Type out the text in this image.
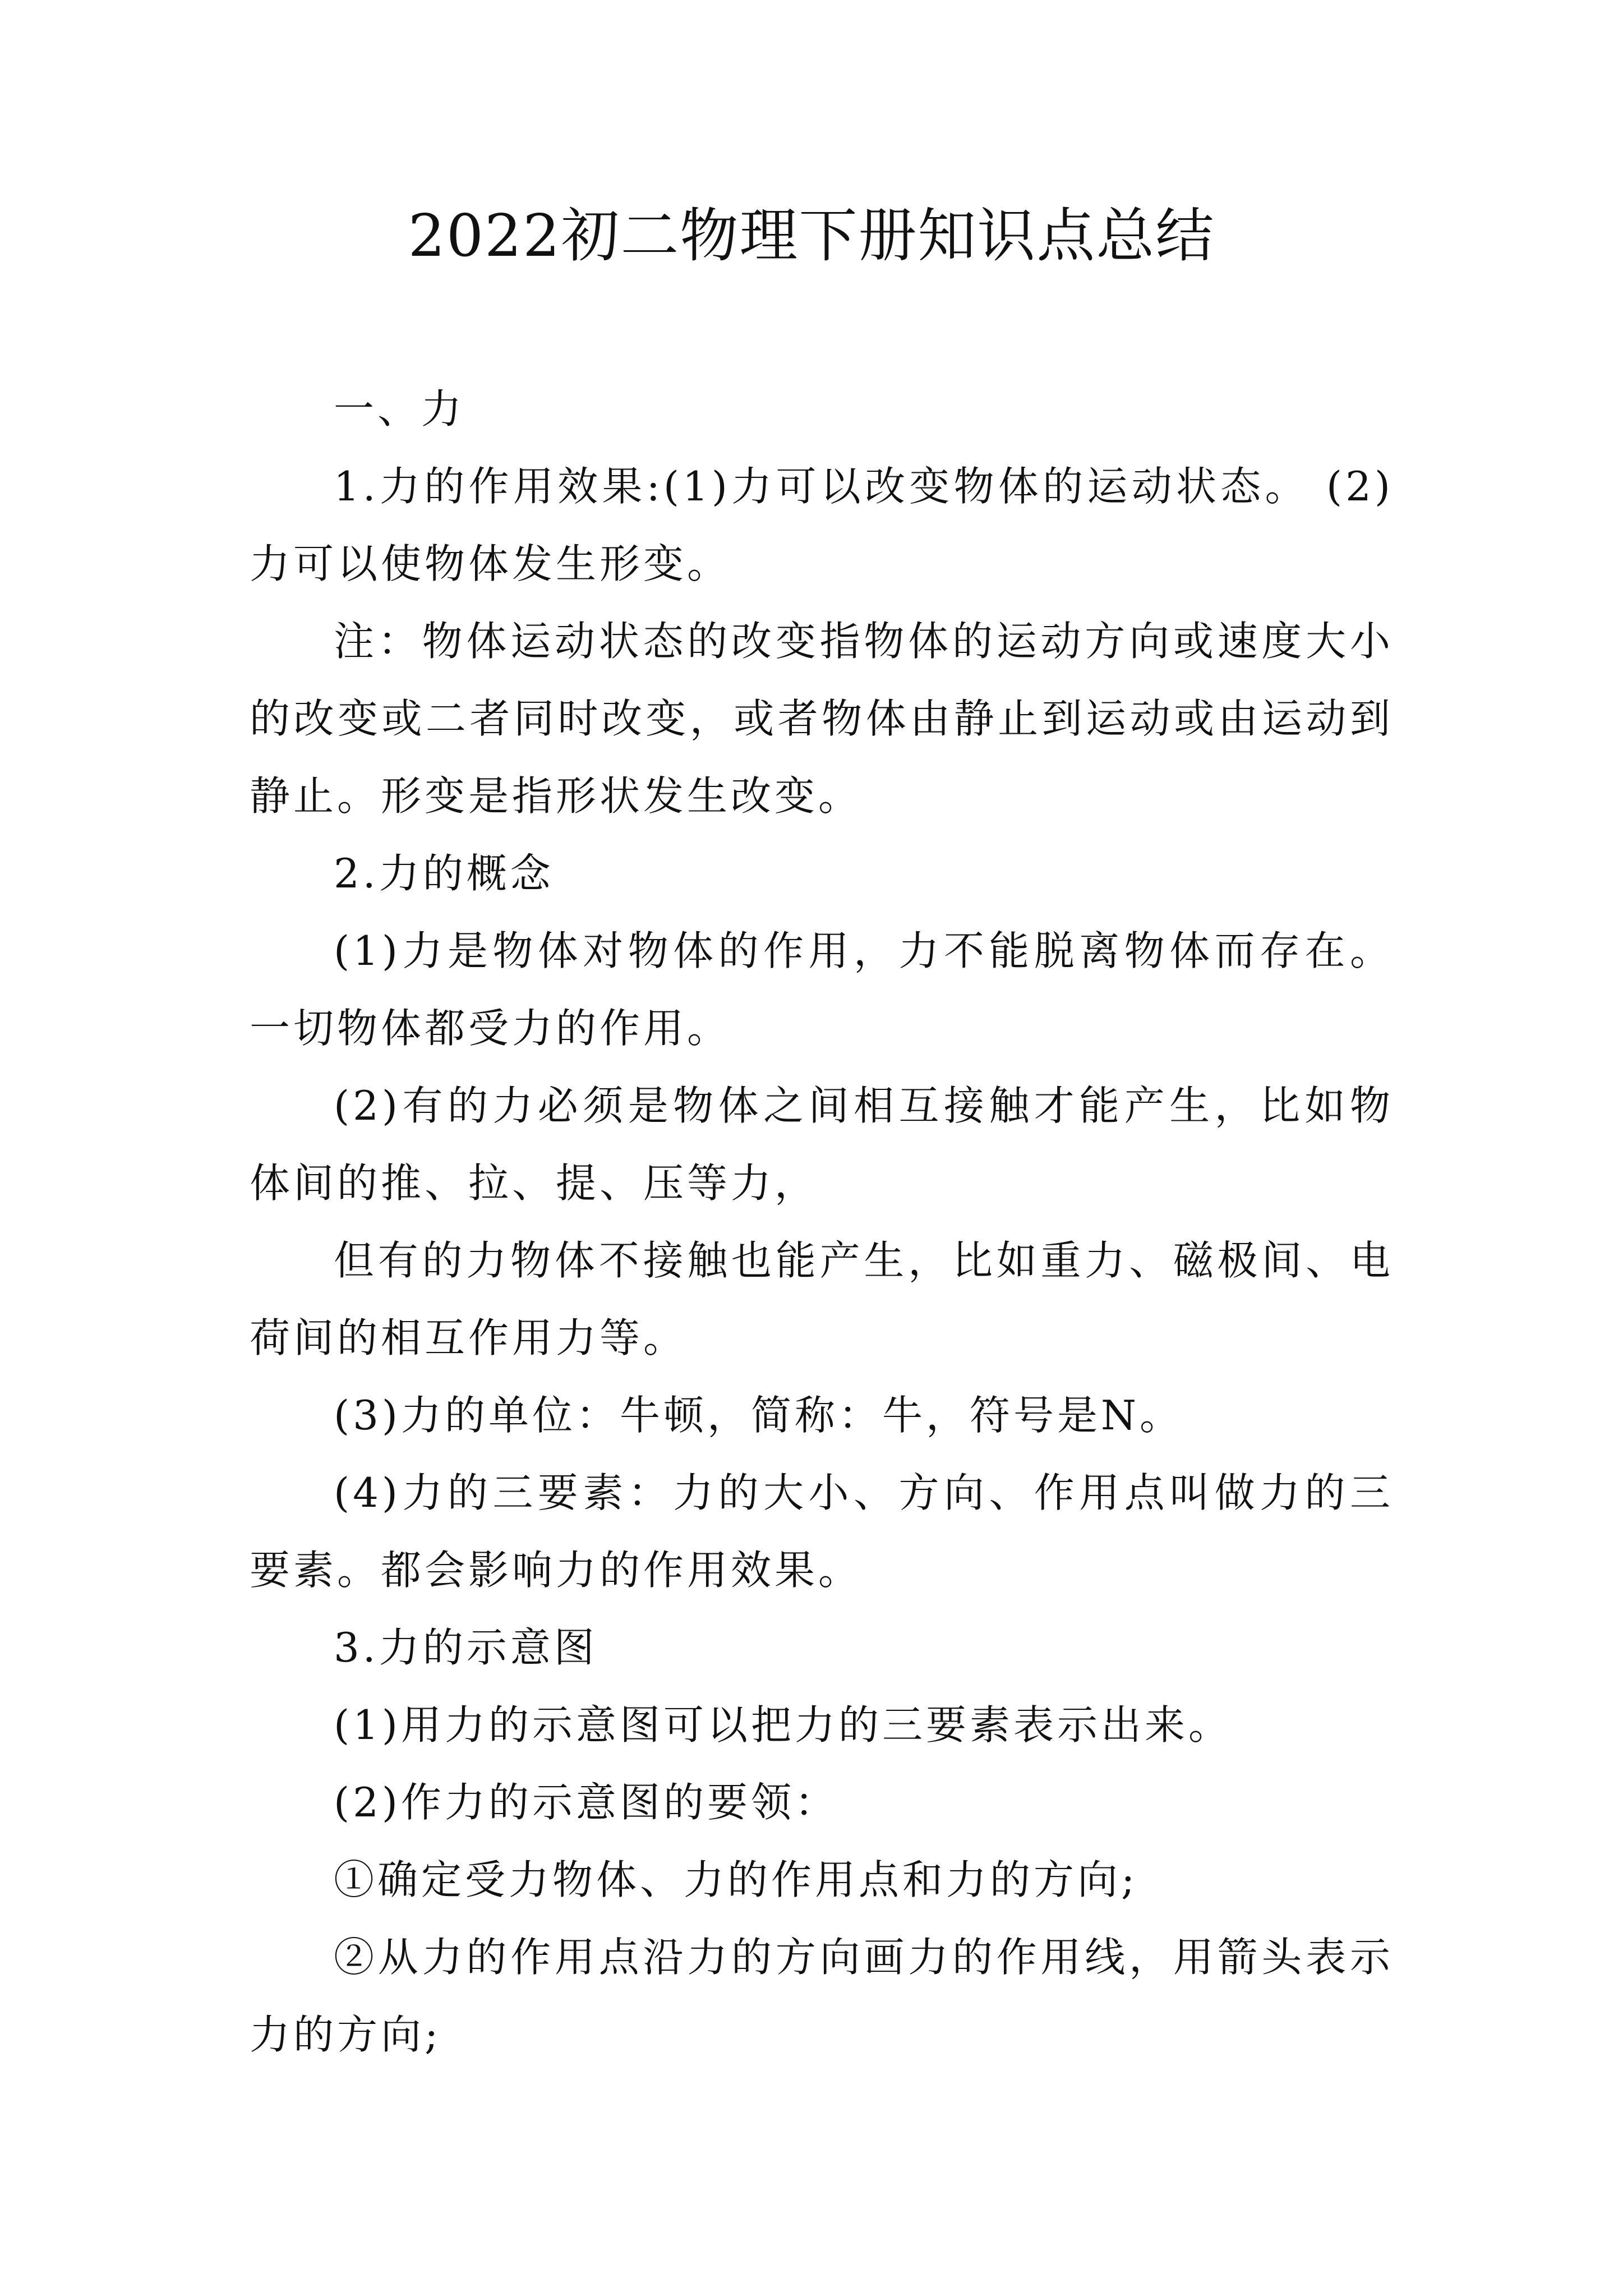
2022初二物理下册知识点总结

一、力

1.力的作用效果:(1)力可以改变物体的运动状态。 (2)力可以使物体发生形变。

注：物体运动状态的改变指物体的运动方向或速度大小的改变或二者同时改变，或者物体由静止到运动或由运动到静止。形变是指形状发生改变。

2.力的概念

(1)力是物体对物体的作用，力不能脱离物体而存在。一切物体都受力的作用。

(2)有的力必须是物体之间相互接触才能产生，比如物体间的推、拉、提、压等力，

但有的力物体不接触也能产生，比如重力、磁极间、电荷间的相互作用力等。

(3)力的单位：牛顿，简称：牛，符号是N。

(4)力的三要素：力的大小、方向、作用点叫做力的三要素。都会影响力的作用效果。

3.力的示意图

(1)用力的示意图可以把力的三要素表示出来。

(2)作力的示意图的要领：

①确定受力物体、力的作用点和力的方向;

②从力的作用点沿力的方向画力的作用线，用箭头表示力的方向;
